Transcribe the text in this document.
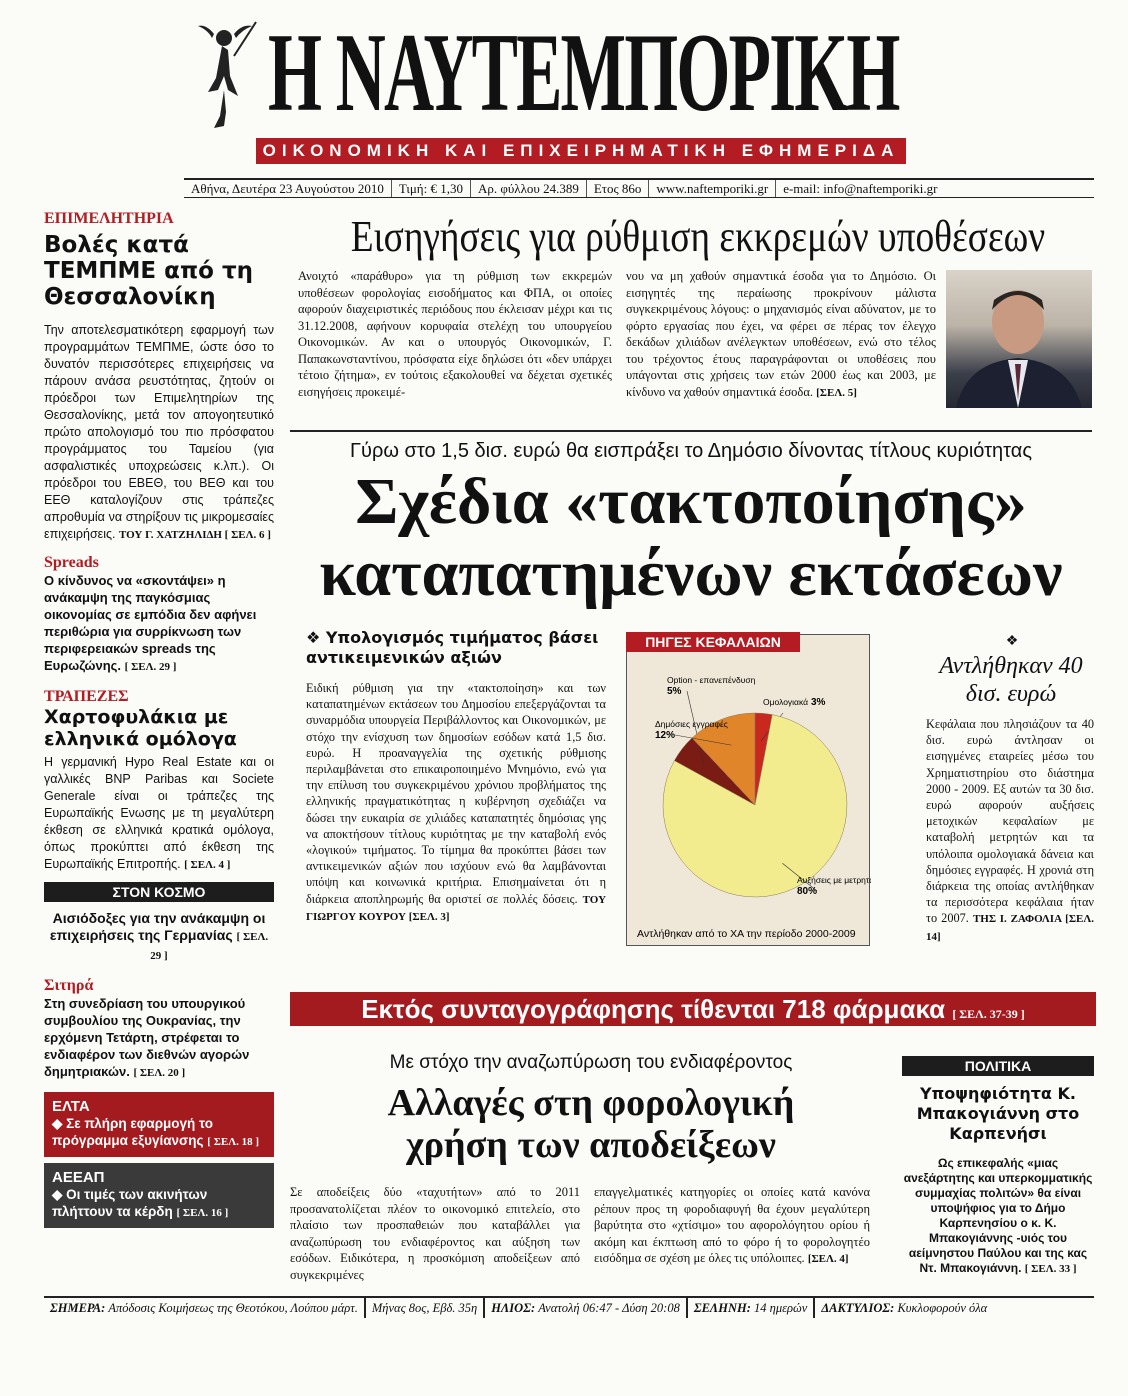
Η ΝΑΥΤΕΜΠΟΡΙΚΗ
ΟΙΚΟΝΟΜΙΚΗ ΚΑΙ ΕΠΙΧΕΙΡΗΜΑΤΙΚΗ ΕΦΗΜΕΡΙΔΑ
Αθήνα, Δευτέρα 23 Αυγούστου 2010	Τιμή: € 1,30	Αρ. φύλλου 24.389	Ετος 86ο	www.naftemporiki.gr	e-mail: info@naftemporiki.gr
ΕΠΙΜΕΛΗΤΗΡΙΑ
Βολές κατά ΤΕΜΠΜΕ από τη Θεσσαλονίκη
Την αποτελεσματικότερη εφαρμογή των προγραμμάτων ΤΕΜΠΜΕ, ώστε όσο το δυνατόν περισσότερες επιχειρήσεις να πάρουν ανάσα ρευστότητας, ζητούν οι πρόεδροι των Επιμελητηρίων της Θεσσαλονίκης, μετά τον απογοητευτικό πρώτο απολογισμό του πιο πρόσφατου προγράμματος του Ταμείου (για ασφαλιστικές υποχρεώσεις κ.λπ.). Οι πρόεδροι του ΕΒΕΘ, του ΒΕΘ και του ΕΕΘ καταλογίζουν στις τράπεζες απροθυμία να στηρίξουν τις μικρομεσαίες επιχειρήσεις. ΤΟΥ Γ. ΧΑΤΖΗΛΙΔΗ [ ΣΕΛ. 6 ]
Spreads
Ο κίνδυνος να «σκοντάψει» η ανάκαμψη της παγκόσμιας οικονομίας σε εμπόδια δεν αφήνει περιθώρια για συρρίκνωση των περιφερειακών spreads της Ευρωζώνης. [ ΣΕΛ. 29 ]
ΤΡΑΠΕΖΕΣ
Χαρτοφυλάκια με ελληνικά ομόλογα
Η γερμανική Hypo Real Estate και οι γαλλικές BNP Paribas και Societe Generale είναι οι τράπεζες της Ευρωπαϊκής Ενωσης με τη μεγαλύτερη έκθεση σε ελληνικά κρατικά ομόλογα, όπως προκύπτει από έκθεση της Ευρωπαϊκής Επιτροπής. [ ΣΕΛ. 4 ]
ΣΤΟΝ ΚΟΣΜΟ
Αισιόδοξες για την ανάκαμψη οι επιχειρήσεις της Γερμανίας [ ΣΕΛ. 29 ]
Σιτηρά
Στη συνεδρίαση του υπουργικού συμβουλίου της Ουκρανίας, την ερχόμενη Τετάρτη, στρέφεται το ενδιαφέρον των διεθνών αγορών δημητριακών. [ ΣΕΛ. 20 ]
ΕΛΤΑ
◆ Σε πλήρη εφαρμογή το πρόγραμμα εξυγίανσης [ ΣΕΛ. 18 ]
ΑΕΕΑΠ
◆ Οι τιμές των ακινήτων πλήττουν τα κέρδη [ ΣΕΛ. 16 ]
Εισηγήσεις για ρύθμιση εκκρεμών υποθέσεων
Ανοιχτό «παράθυρο» για τη ρύθμιση των εκκρεμών υποθέσεων φορολογίας εισοδήματος και ΦΠΑ, οι οποίες αφορούν διαχειριστικές περιόδους που έκλεισαν μέχρι και τις 31.12.2008, αφήνουν κορυφαία στελέχη του υπουργείου Οικονομικών. Αν και ο υπουργός Οικονομικών, Γ. Παπακωνσταντίνου, πρόσφατα είχε δηλώσει ότι «δεν υπάρχει τέτοιο ζήτημα», εν τούτοις εξακολουθεί να δέχεται σχετικές εισηγήσεις προκειμέ-
νου να μη χαθούν σημαντικά έσοδα για το Δημόσιο. Οι εισηγητές της περαίωσης προκρίνουν μάλιστα συγκεκριμένους λόγους: ο μηχανισμός είναι αδύνατον, με το φόρτο εργασίας που έχει, να φέρει σε πέρας τον έλεγχο δεκάδων χιλιάδων ανέλεγκτων υποθέσεων, ενώ στο τέλος του τρέχοντος έτους παραγράφονται οι υποθέσεις που υπάγονται στις χρήσεις των ετών 2000 έως και 2003, με κίνδυνο να χαθούν σημαντικά έσοδα. [ΣΕΛ. 5]
Γύρω στο 1,5 δισ. ευρώ θα εισπράξει το Δημόσιο δίνοντας τίτλους κυριότητας
Σχέδια «τακτοποίησης»
καταπατημένων εκτάσεων
❖ Υπολογισμός τιμήματος βάσει αντικειμενικών αξιών
Ειδική ρύθμιση για την «τακτοποίηση» και των καταπατημένων εκτάσεων του Δημοσίου επεξεργάζονται τα συναρμόδια υπουργεία Περιβάλλοντος και Οικονομικών, με στόχο την ενίσχυση των δημοσίων εσόδων κατά 1,5 δισ. ευρώ. Η προαναγγελία της σχετικής ρύθμισης περιλαμβάνεται στο επικαιροποιημένο Μνημόνιο, ενώ για την επίλυση του συγκεκριμένου χρόνιου προβλήματος της ελληνικής πραγματικότητας η κυβέρνηση σχεδιάζει να δώσει την ευκαιρία σε χιλιάδες καταπατητές δημόσιας γης να αποκτήσουν τίτλους κυριότητας με την καταβολή ενός «λογικού» τιμήματος. Το τίμημα θα προκύπτει βάσει των αντικειμενικών αξιών που ισχύουν ενώ θα λαμβάνονται υπόψη και κοινωνικά κριτήρια. Επισημαίνεται ότι η διάρκεια αποπληρωμής θα οριστεί σε πολλές δόσεις. ΤΟΥ ΓΙΩΡΓΟΥ ΚΟΥΡΟΥ [ΣΕΛ. 3]
Option - επανεπένδυση
5%
Δημόσιες εγγραφές
12%
Ομολογιακά 3%
Αυξήσεις με μετρητά
80%
Αντλήθηκαν από το ΧΑ την περίοδο 2000-2009
ΠΗΓΕΣ ΚΕΦΑΛΑΙΩΝ	❖
Αντλήθηκαν 40 δισ. ευρώ
Κεφάλαια που πλησιάζουν τα 40 δισ. ευρώ άντλησαν οι εισηγμένες εταιρείες μέσω του Χρηματιστηρίου στο διάστημα 2000 - 2009. Εξ αυτών τα 30 δισ. ευρώ αφορούν αυξήσεις μετοχικών κεφαλαίων με καταβολή μετρητών και τα υπόλοιπα ομολογιακά δάνεια και δημόσιες εγγραφές. Η χρονιά στη διάρκεια της οποίας αντλήθηκαν τα περισσότερα κεφάλαια ήταν το 2007. ΤΗΣ Ι. ΖΑΦΟΛΙΑ [ΣΕΛ. 14]
Εκτός συνταγογράφησης τίθενται 718 φάρμακα [ ΣΕΛ. 37-39 ]
Με στόχο την αναζωπύρωση του ενδιαφέροντος
Αλλαγές στη φορολογική
χρήση των αποδείξεων
Σε αποδείξεις δύο «ταχυτήτων» από το 2011 προσανατολίζεται πλέον το οικονομικό επιτελείο, στο πλαίσιο των προσπαθειών που καταβάλλει για αναζωπύρωση του ενδιαφέροντος και αύξηση των εσόδων. Ειδικότερα, η προσκόμιση αποδείξεων από συγκεκριμένες
επαγγελματικές κατηγορίες οι οποίες κατά κανόνα ρέπουν προς τη φοροδιαφυγή θα έχουν μεγαλύτερη βαρύτητα στο «χτίσιμο» του αφορολόγητου ορίου ή ακόμη και έκπτωση από το φόρο ή το φορολογητέο εισόδημα σε σχέση με όλες τις υπόλοιπες. [ΣΕΛ. 4]
ΠΟΛΙΤΙΚΑ
Υποψηφιότητα Κ. Μπακογιάννη στο Καρπενήσι
Ως επικεφαλής «μιας ανεξάρτητης και υπερκομματικής συμμαχίας πολιτών» θα είναι υποψήφιος για το Δήμο Καρπενησίου ο κ. Κ. Μπακογιάννης -υιός του αείμνηστου Παύλου και της κας Ντ. Μπακογιάννη. [ ΣΕΛ. 33 ]
ΣΗΜΕΡΑ: Απόδοσις Κοιμήσεως της Θεοτόκου, Λούπου μάρτ.	Μήνας 8ος, Εβδ. 35η	ΗΛΙΟΣ: Ανατολή 06:47 - Δύση 20:08	ΣΕΛΗΝΗ: 14 ημερών	ΔΑΚΤΥΛΙΟΣ: Κυκλοφορούν όλα
